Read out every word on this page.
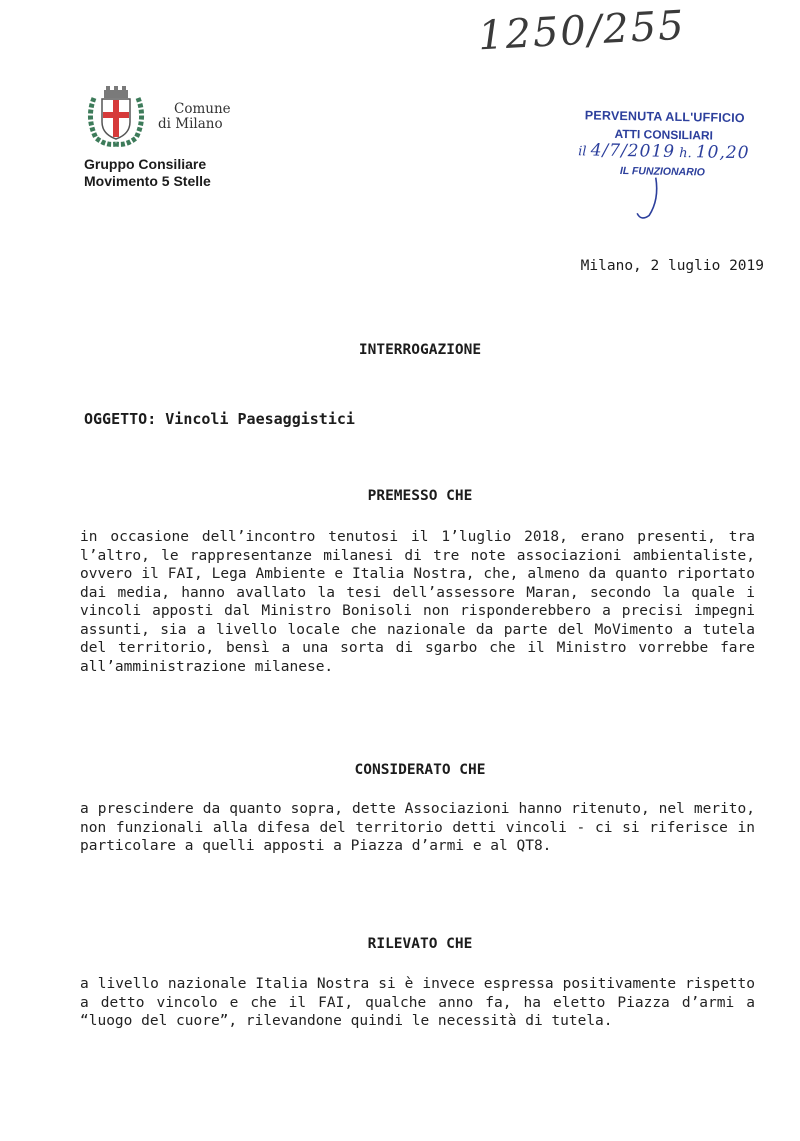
1250/255
Comune
di Milano
Gruppo Consiliare
Movimento 5 Stelle
PERVENUTA ALL'UFFICIO
ATTI CONSILIARI
il 4/7/2019 h. 10,20
IL FUNZIONARIO
Milano, 2 luglio 2019
INTERROGAZIONE
OGGETTO: Vincoli Paesaggistici
PREMESSO CHE
in occasione dell’incontro tenutosi il 1’luglio 2018, erano presenti, tra l’altro, le rappresentanze milanesi di tre note associazioni ambientaliste, ovvero il FAI, Lega Ambiente e Italia Nostra, che, almeno da quanto riportato dai media, hanno avallato la tesi dell’assessore Maran, secondo la quale i vincoli apposti dal Ministro Bonisoli non risponderebbero a precisi impegni assunti, sia a livello locale che nazionale da parte del MoVimento a tutela del territorio, bensì a una sorta di sgarbo che il Ministro vorrebbe fare all’amministrazione milanese.
CONSIDERATO CHE
a prescindere da quanto sopra, dette Associazioni hanno ritenuto, nel merito, non funzionali alla difesa del territorio detti vincoli - ci si riferisce in particolare a quelli apposti a Piazza d’armi e al QT8.
RILEVATO CHE
a livello nazionale Italia Nostra si è invece espressa positivamente rispetto a detto vincolo e che il FAI, qualche anno fa, ha eletto Piazza d’armi a “luogo del cuore”, rilevandone quindi le necessità di tutela.
